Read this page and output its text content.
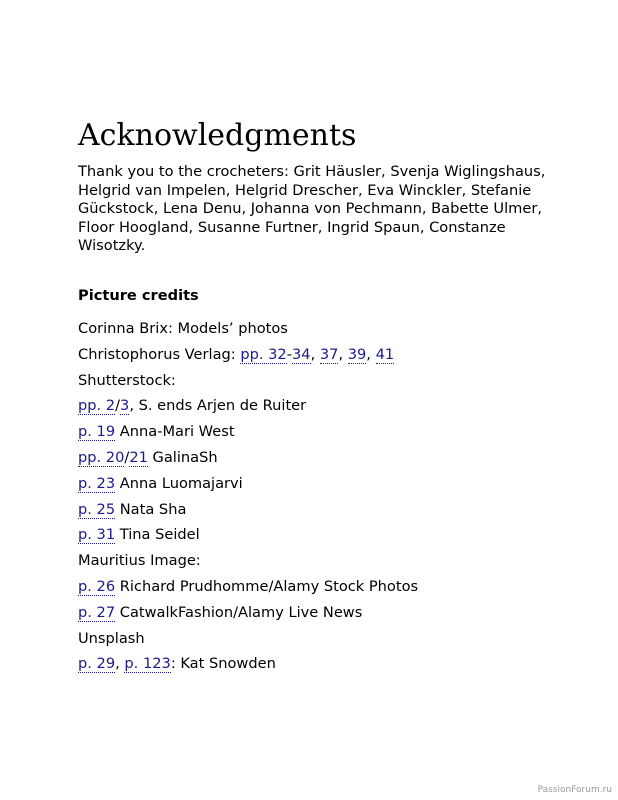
Acknowledgments

Thank you to the crocheters: Grit Häusler, Svenja Wiglingshaus, Helgrid van Impelen, Helgrid Drescher, Eva Winckler, Stefanie Gückstock, Lena Denu, Johanna von Pechmann, Babette Ulmer, Floor Hoogland, Susanne Furtner, Ingrid Spaun, Constanze Wisotzky.

Picture credits
Corinna Brix: Models’ photos
Christophorus Verlag: pp. 32-34, 37, 39, 41
Shutterstock:
pp. 2/3, S. ends Arjen de Ruiter
p. 19 Anna-Mari West
pp. 20/21 GalinaSh
p. 23 Anna Luomajarvi
p. 25 Nata Sha
p. 31 Tina Seidel
Mauritius Image:
p. 26 Richard Prudhomme/Alamy Stock Photos
p. 27 CatwalkFashion/Alamy Live News
Unsplash
p. 29, p. 123: Kat Snowden
PassionForum.ru
